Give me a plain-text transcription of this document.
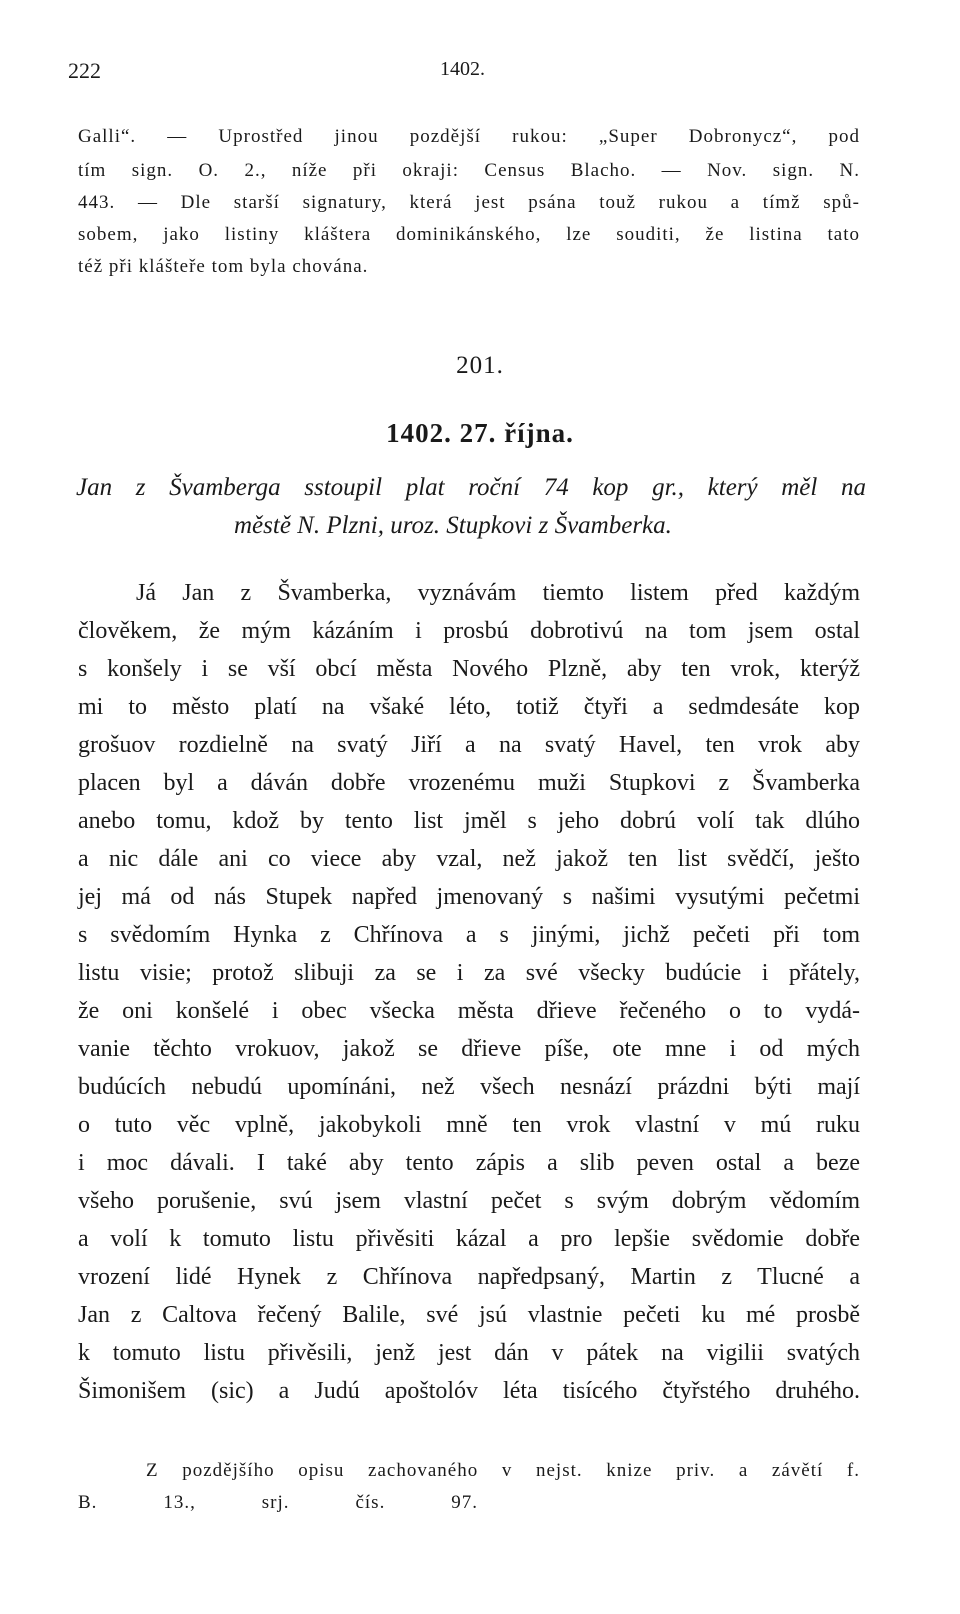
222	1402.
Galli“. — Uprostřed jinou pozdější rukou: „Super Dobronycz“, pod
tím sign. O. 2., níže při okraji: Census Blacho. — Nov. sign. N.
443. — Dle starší signatury, která jest psána touž rukou a tímž spů-
sobem, jako listiny kláštera dominikánského, lze souditi, že listina tato
též při klášteře tom byla chována.
201.
1402. 27. října.
Jan z Švamberga sstoupil plat roční 74 kop gr., který měl na
městě N. Plzni, uroz. Stupkovi z Švamberka.
Já Jan z Švamberka, vyznávám tiemto listem před každým
člověkem, že mým kázáním i prosbú dobrotivú na tom jsem ostal
s konšely i se vší obcí města Nového Plzně, aby ten vrok, kterýž
mi to město platí na všaké léto, totiž čtyři a sedmdesáte kop
grošuov rozdielně na svatý Jiří a na svatý Havel, ten vrok aby
placen byl a dáván dobře vrozenému muži Stupkovi z Švamberka
anebo tomu, kdož by tento list jměl s jeho dobrú volí tak dlúho
a nic dále ani co viece aby vzal, než jakož ten list svědčí, ješto
jej má od nás Stupek napřed jmenovaný s našimi vysutými pečetmi
s svědomím Hynka z Chřínova a s jinými, jichž pečeti při tom
listu visie; protož slibuji za se i za své všecky budúcie i přátely,
že oni konšelé i obec všecka města dřieve řečeného o to vydá-
vanie těchto vrokuov, jakož se dřieve píše, ote mne i od mých
budúcích nebudú upomínáni, než všech nesnází prázdni býti mají
o tuto věc vplně, jakobykoli mně ten vrok vlastní v mú ruku
i moc dávali. I také aby tento zápis a slib peven ostal a beze
všeho porušenie, svú jsem vlastní pečet s svým dobrým vědomím
a volí k tomuto listu přivěsiti kázal a pro lepšie svědomie dobře
vrození lidé Hynek z Chřínova napředpsaný, Martin z Tlucné a
Jan z Caltova řečený Balile, své jsú vlastnie pečeti ku mé prosbě
k tomuto listu přivěsili, jenž jest dán v pátek na vigilii svatých
Šimonišem (sic) a Judú apoštolóv léta tisícého čtyřstého druhého.
Z pozdějšího opisu zachovaného v nejst. knize priv. a závětí f.
B. 13., srj. čís. 97.
